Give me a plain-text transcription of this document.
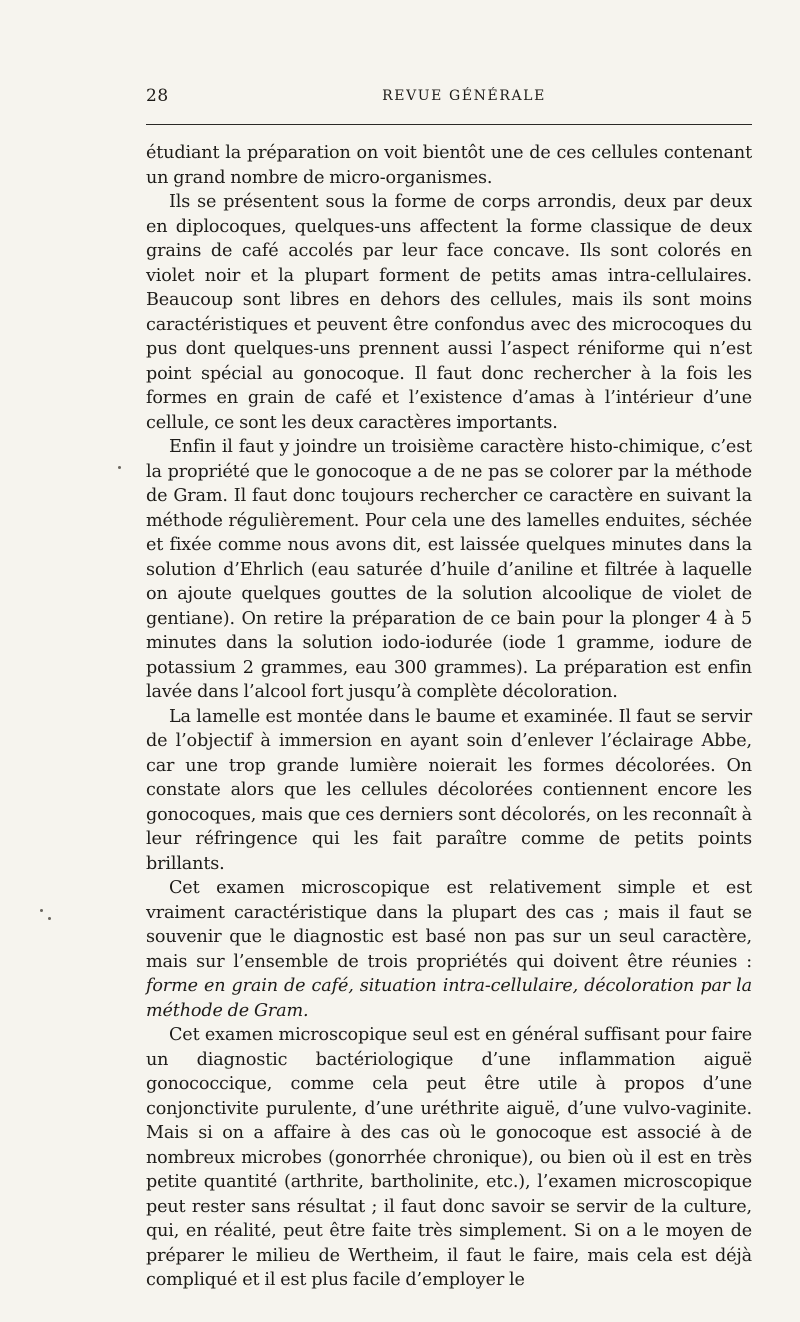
28	REVUE GÉNÉRALE

étudiant la préparation on voit bientôt une de ces cellules contenant un grand nombre de micro-organismes.

Ils se présentent sous la forme de corps arrondis, deux par deux en diplocoques, quelques-uns affectent la forme classique de deux grains de café accolés par leur face concave. Ils sont colorés en violet noir et la plupart forment de petits amas intra-cellulaires. Beaucoup sont libres en dehors des cellules, mais ils sont moins caractéristiques et peuvent être confondus avec des microcoques du pus dont quelques-uns prennent aussi l’aspect réniforme qui n’est point spécial au gonocoque. Il faut donc rechercher à la fois les formes en grain de café et l’existence d’amas à l’intérieur d’une cellule, ce sont les deux caractères importants.

Enfin il faut y joindre un troisième caractère histo-chimique, c’est la propriété que le gonocoque a de ne pas se colorer par la méthode de Gram. Il faut donc toujours rechercher ce caractère en suivant la méthode régulièrement. Pour cela une des lamelles enduites, séchée et fixée comme nous avons dit, est laissée quelques minutes dans la solution d’Ehrlich (eau saturée d’huile d’aniline et filtrée à laquelle on ajoute quelques gouttes de la solution alcoolique de violet de gentiane). On retire la préparation de ce bain pour la plonger 4 à 5 minutes dans la solution iodo-iodurée (iode 1 gramme, iodure de potassium 2 grammes, eau 300 grammes). La préparation est enfin lavée dans l’alcool fort jusqu’à complète décoloration.

La lamelle est montée dans le baume et examinée. Il faut se servir de l’objectif à immersion en ayant soin d’enlever l’éclairage Abbe, car une trop grande lumière noierait les formes décolorées. On constate alors que les cellules décolorées contiennent encore les gonocoques, mais que ces derniers sont décolorés, on les reconnaît à leur réfringence qui les fait paraître comme de petits points brillants.

Cet examen microscopique est relativement simple et est vraiment caractéristique dans la plupart des cas ; mais il faut se souvenir que le diagnostic est basé non pas sur un seul caractère, mais sur l’ensemble de trois propriétés qui doivent être réunies : forme en grain de café, situation intra-cellulaire, décoloration par la méthode de Gram.

Cet examen microscopique seul est en général suffisant pour faire un diagnostic bactériologique d’une inflammation aiguë gonococcique, comme cela peut être utile à propos d’une conjonctivite purulente, d’une uréthrite aiguë, d’une vulvo-vaginite. Mais si on a affaire à des cas où le gonocoque est associé à de nombreux microbes (gonorrhée chronique), ou bien où il est en très petite quantité (arthrite, bartholinite, etc.), l’examen microscopique peut rester sans résultat ; il faut donc savoir se servir de la culture, qui, en réalité, peut être faite très simplement. Si on a le moyen de préparer le milieu de Wertheim, il faut le faire, mais cela est déjà compliqué et il est plus facile d’employer le
